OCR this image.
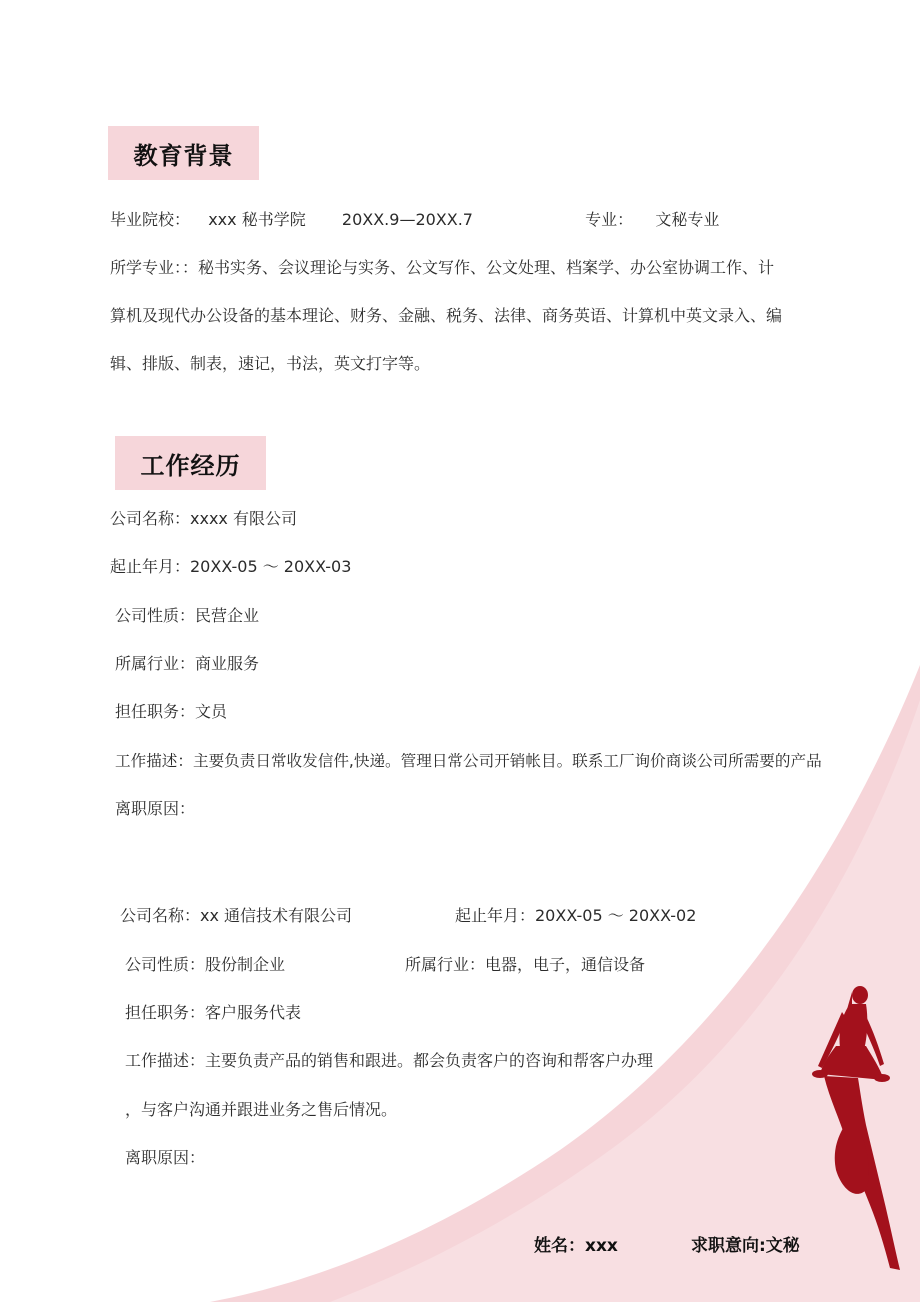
教育背景
毕业院校： xxx 秘书学院 20XX.9—20XX.7	专业： 文秘专业
所学专业：：秘书实务、会议理论与实务、公文写作、公文处理、档案学、办公室协调工作、计
算机及现代办公设备的基本理论、财务、金融、税务、法律、商务英语、计算机中英文录入、编
辑、排版、制表，速记，书法，英文打字等。
工作经历
公司名称：xxxx 有限公司
起止年月：20XX-05 ～ 20XX-03
公司性质：民营企业
所属行业：商业服务
担任职务：文员
工作描述：主要负责日常收发信件,快递。管理日常公司开销帐目。联系工厂询价商谈公司所需要的产品
离职原因：
公司名称：xx 通信技术有限公司	起止年月：20XX-05 ～ 20XX-02
公司性质：股份制企业	所属行业：电器，电子，通信设备
担任职务：客户服务代表
工作描述：主要负责产品的销售和跟进。都会负责客户的咨询和帮客户办理
，与客户沟通并跟进业务之售后情况。
离职原因：
姓名：xxx	求职意向:文秘
